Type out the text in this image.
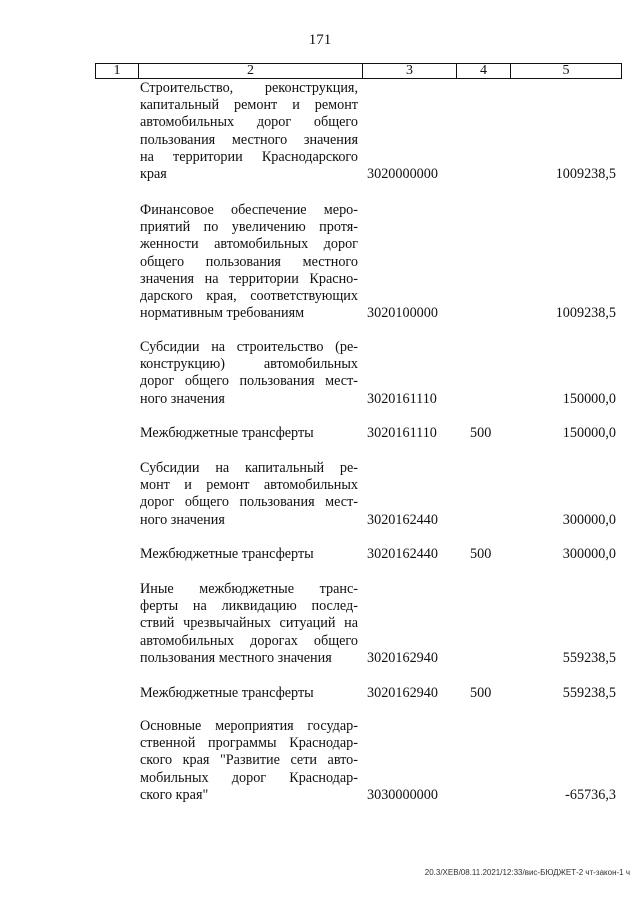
171
1	2	3	4	5
Строительство, реконструкция,
капитальный ремонт и ремонт
автомобильных дорог общего
пользования местного значения
на территории Краснодарского
края	3020000000	1009238,5
Финансовое обеспечение меро-
приятий по увеличению протя-
женности автомобильных дорог
общего пользования местного
значения на территории Красно-
дарского края, соответствующих
нормативным требованиям	3020100000	1009238,5
Субсидии на строительство (ре-
конструкцию) автомобильных
дорог общего пользования мест-
ного значения	3020161110	150000,0
Межбюджетные трансферты	3020161110 500	150000,0
Субсидии на капитальный ре-
монт и ремонт автомобильных
дорог общего пользования мест-
ного значения	3020162440	300000,0
Межбюджетные трансферты	3020162440 500	300000,0
Иные межбюджетные транс-
ферты на ликвидацию послед-
ствий чрезвычайных ситуаций на
автомобильных дорогах общего
пользования местного значения	3020162940	559238,5
Межбюджетные трансферты	3020162940 500	559238,5
Основные мероприятия государ-
ственной программы Краснодар-
ского края "Развитие сети авто-
мобильных дорог Краснодар-
ского края"	3030000000	-65736,3
20.3/ХЕВ/08.11.2021/12:33/вис-БЮДЖЕТ-2 чт-закон-1 ч
